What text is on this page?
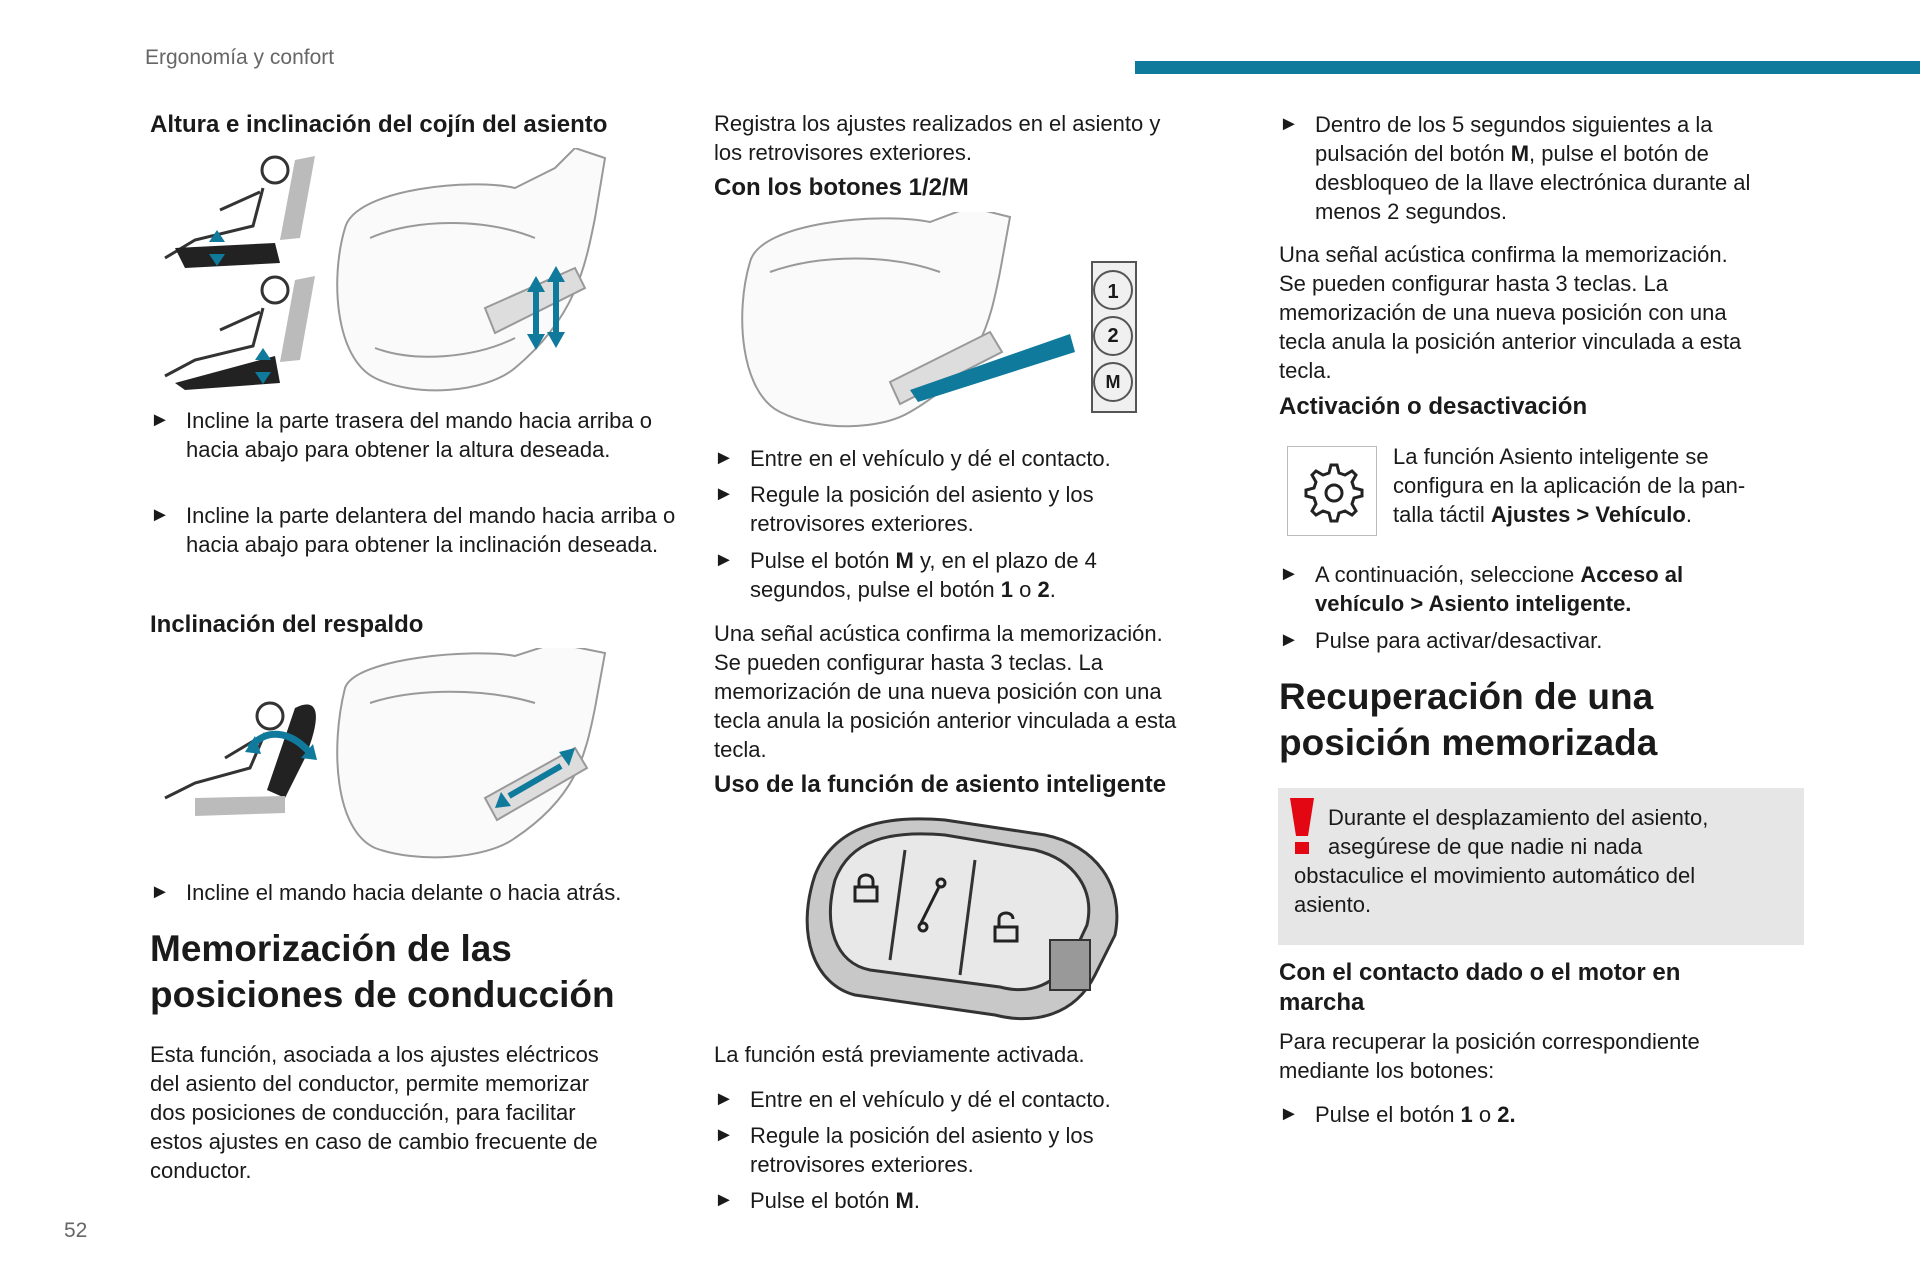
Ergonomía y confort
Altura e inclinación del cojín del asiento
► Incline la parte trasera del mando hacia arriba o hacia abajo para obtener la altura deseada.
► Incline la parte delantera del mando hacia arriba o hacia abajo para obtener la inclinación deseada.
Inclinación del respaldo
► Incline el mando hacia delante o hacia atrás.
Memorización de las
posiciones de conducción
Esta función, asociada a los ajustes eléctricos
del asiento del conductor, permite memorizar
dos posiciones de conducción, para facilitar
estos ajustes en caso de cambio frecuente de
conductor.
Registra los ajustes realizados en el asiento y
los retrovisores exteriores.
Con los botones 1/2/M
1
2
M
► Entre en el vehículo y dé el contacto.
► Regule la posición del asiento y los
retrovisores exteriores.
► Pulse el botón M y, en el plazo de 4
segundos, pulse el botón 1 o 2.
Una señal acústica confirma la memorización.
Se pueden configurar hasta 3 teclas. La
memorización de una nueva posición con una
tecla anula la posición anterior vinculada a esta
tecla.
Uso de la función de asiento inteligente
La función está previamente activada.
► Entre en el vehículo y dé el contacto.
► Regule la posición del asiento y los
retrovisores exteriores.
► Pulse el botón M.
► Dentro de los 5 segundos siguientes a la
pulsación del botón M, pulse el botón de
desbloqueo de la llave electrónica durante al
menos 2 segundos.
Una señal acústica confirma la memorización.
Se pueden configurar hasta 3 teclas. La
memorización de una nueva posición con una
tecla anula la posición anterior vinculada a esta
tecla.
Activación o desactivación
La función Asiento inteligente se
configura en la aplicación de la pan-
talla táctil Ajustes > Vehículo.
► A continuación, seleccione Acceso al
vehículo > Asiento inteligente.
► Pulse para activar/desactivar.
Recuperación de una
posición memorizada
Durante el desplazamiento del asiento,
asegúrese de que nadie ni nada
obstaculice el movimiento automático del
asiento.
Con el contacto dado o el motor en
marcha
Para recuperar la posición correspondiente
mediante los botones:
► Pulse el botón 1 o 2.
52
